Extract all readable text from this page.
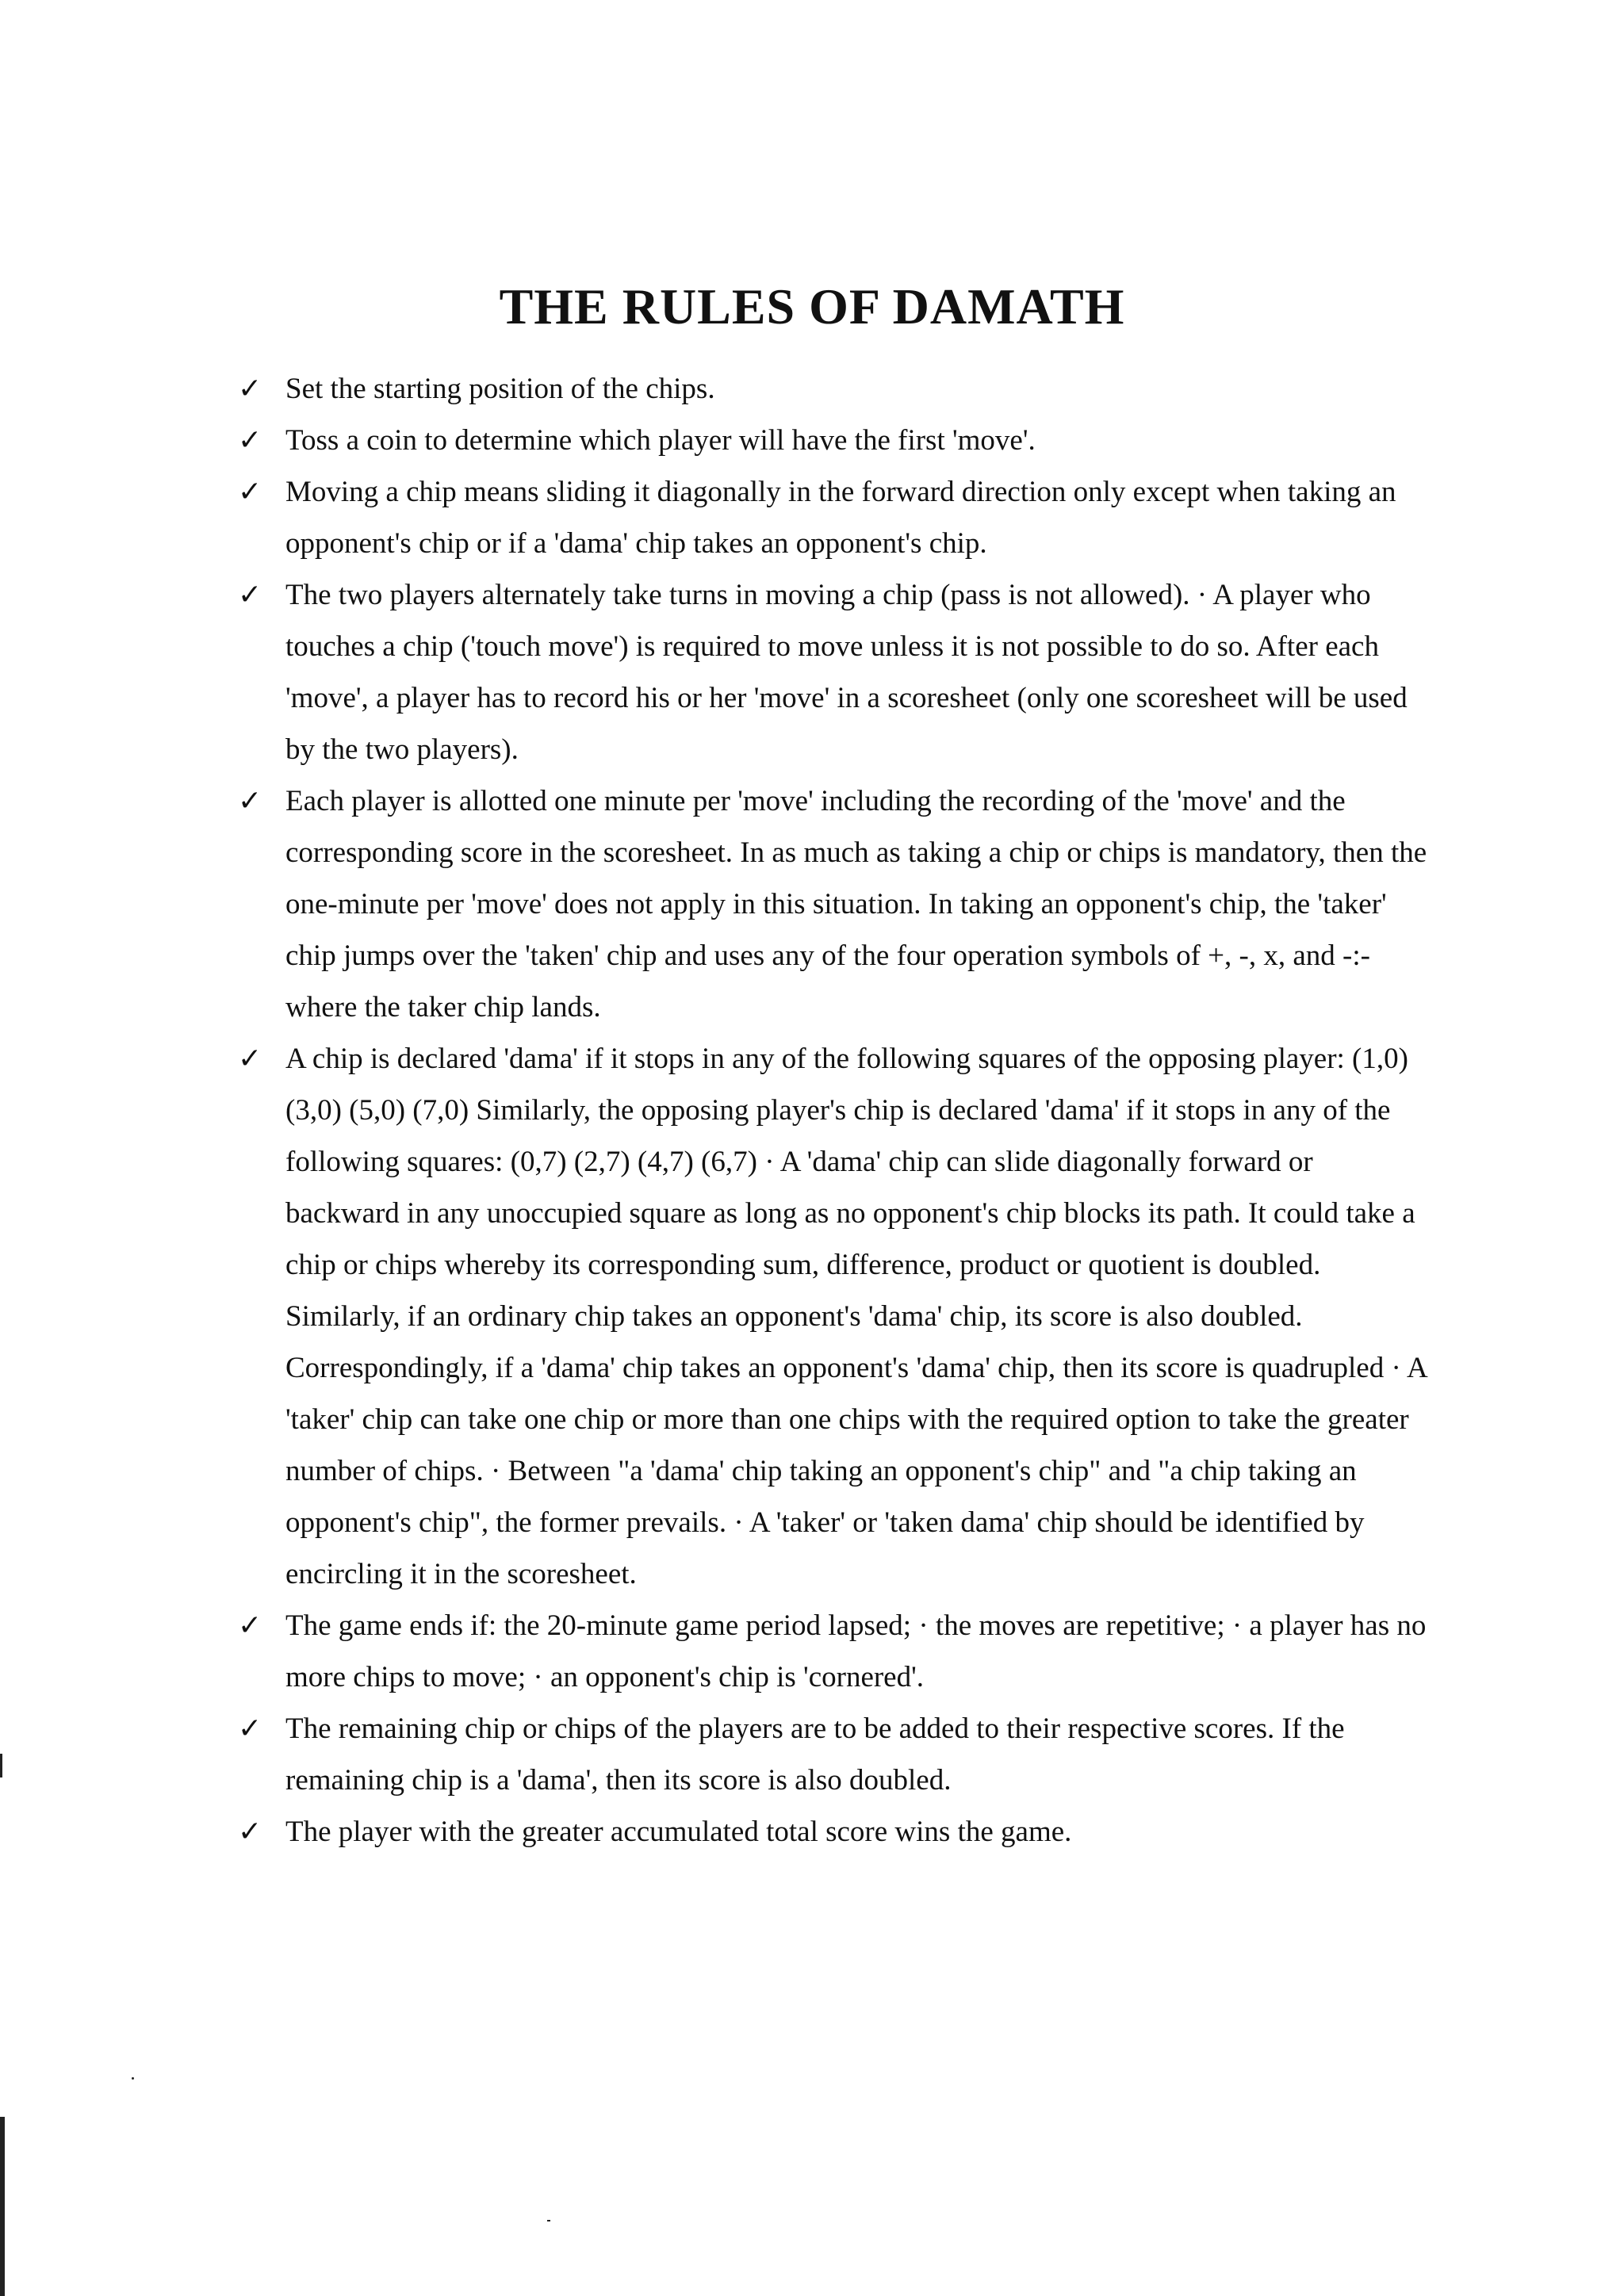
THE RULES OF DAMATH
✓ Set the starting position of the chips.
✓ Toss a coin to determine which player will have the first 'move'.
✓ Moving a chip means sliding it diagonally in the forward direction only except when taking an opponent's chip or if a 'dama' chip takes an opponent's chip.
✓ The two players alternately take turns in moving a chip (pass is not allowed). · A player who touches a chip ('touch move') is required to move unless it is not possible to do so. After each 'move', a player has to record his or her 'move' in a scoresheet (only one scoresheet will be used by the two players).
✓ Each player is allotted one minute per 'move' including the recording of the 'move' and the corresponding score in the scoresheet. In as much as taking a chip or chips is mandatory, then the one-minute per 'move' does not apply in this situation. In taking an opponent's chip, the 'taker' chip jumps over the 'taken' chip and uses any of the four operation symbols of +, -, x, and -:- where the taker chip lands.
✓ A chip is declared 'dama' if it stops in any of the following squares of the opposing player: (1,0) (3,0) (5,0) (7,0) Similarly, the opposing player's chip is declared 'dama' if it stops in any of the following squares: (0,7) (2,7) (4,7) (6,7) · A 'dama' chip can slide diagonally forward or backward in any unoccupied square as long as no opponent's chip blocks its path. It could take a chip or chips whereby its corresponding sum, difference, product or quotient is doubled. Similarly, if an ordinary chip takes an opponent's 'dama' chip, its score is also doubled. Correspondingly, if a 'dama' chip takes an opponent's 'dama' chip, then its score is quadrupled · A 'taker' chip can take one chip or more than one chips with the required option to take the greater number of chips. · Between "a 'dama' chip taking an opponent's chip" and "a chip taking an opponent's chip", the former prevails. · A 'taker' or 'taken dama' chip should be identified by encircling it in the scoresheet.
✓ The game ends if: the 20-minute game period lapsed; · the moves are repetitive; · a player has no more chips to move; · an opponent's chip is 'cornered'.
✓ The remaining chip or chips of the players are to be added to their respective scores. If the remaining chip is a 'dama', then its score is also doubled.
✓ The player with the greater accumulated total score wins the game.
